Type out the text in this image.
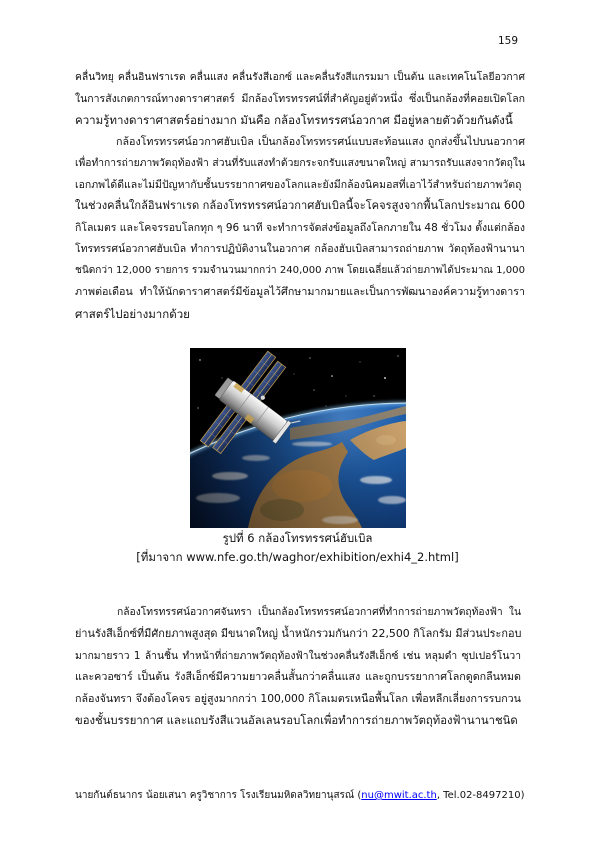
159
คลื่นวิทยุ คลื่นอินฟราเรด คลื่นแสง คลื่นรังสีเอกซ์ และคลื่นรังสีแกรมมา เป็นต้น และเทคโนโลยีอวกาศ
ในการสังเกตการณ์ทางดาราศาสตร์ มีกล้องโทรทรรศน์ที่สำคัญอยู่ตัวหนึ่ง ซึ่งเป็นกล้องที่คอยเปิดโลก
ความรู้ทางดาราศาสตร์อย่างมาก มันคือ กล้องโทรทรรศน์อวกาศ มีอยู่หลายตัวด้วยกันดังนี้
กล้องโทรทรรศน์อวกาศฮับเบิล เป็นกล้องโทรทรรศน์แบบสะท้อนแสง ถูกส่งขึ้นไปบนอวกาศ
เพื่อทำการถ่ายภาพวัตถุท้องฟ้า ส่วนที่รับแสงทำด้วยกระจกรับแสงขนาดใหญ่ สามารถรับแสงจากวัตถุใน
เอกภพได้ดีและไม่มีปัญหากับชั้นบรรยากาศของโลกและยังมีกล้องนิคมอสที่เอาไว้สำหรับถ่ายภาพวัตถุ
ในช่วงคลื่นใกล้อินฟราเรด กล้องโทรทรรศน์อวกาศฮับเบิลนี้จะโคจรสูงจากพื้นโลกประมาณ 600
กิโลเมตร และโคจรรอบโลกทุก ๆ 96 นาที จะทำการจัดส่งข้อมูลถึงโลกภายใน 48 ชั่วโมง ตั้งแต่กล้อง
โทรทรรศน์อวกาศฮับเบิล ทำการปฏิบัติงานในอวกาศ กล้องฮับเบิลสามารถถ่ายภาพ วัตถุท้องฟ้านานา
ชนิดกว่า 12,000 รายการ รวมจำนวนมากกว่า 240,000 ภาพ โดยเฉลี่ยแล้วถ่ายภาพได้ประมาณ 1,000
ภาพต่อเดือน ทำให้นักดาราศาสตร์มีข้อมูลไว้ศึกษามากมายและเป็นการพัฒนาองค์ความรู้ทางดารา
ศาสตร์ไปอย่างมากด้วย
รูปที่ 6 กล้องโทรทรรศน์ฮับเบิล
[ที่มาจาก www.nfe.go.th/waghor/exhibition/exhi4_2.html]
กล้องโทรทรรศน์อวกาศจันทรา เป็นกล้องโทรทรรศน์อวกาศที่ทำการถ่ายภาพวัตถุท้องฟ้า ใน
ย่านรังสีเอ็กซ์ที่มีศักยภาพสูงสุด มีขนาดใหญ่ น้ำหนักรวมกันกว่า 22,500 กิโลกรัม มีส่วนประกอบ
มากมายราว 1 ล้านชิ้น ทำหน้าที่ถ่ายภาพวัตถุท้องฟ้าในช่วงคลื่นรังสีเอ็กซ์ เช่น หลุมดำ ซุปเปอร์โนวา
และควอซาร์ เป็นต้น รังสีเอ็กซ์มีความยาวคลื่นสั้นกว่าคลื่นแสง และถูกบรรยากาศโลกดูดกลืนหมด
กล้องจันทรา จึงต้องโคจร อยู่สูงมากกว่า 100,000 กิโลเมตรเหนือพื้นโลก เพื่อหลีกเลี่ยงการรบกวน
ของชั้นบรรยากาศ และแถบรังสีแวนอัลเลนรอบโลกเพื่อทำการถ่ายภาพวัตถุท้องฟ้านานาชนิด
นายกันต์ธนากร น้อยเสนา ครูวิชาการ โรงเรียนมหิดลวิทยานุสรณ์ (nu@mwit.ac.th, Tel.02-8497210)
